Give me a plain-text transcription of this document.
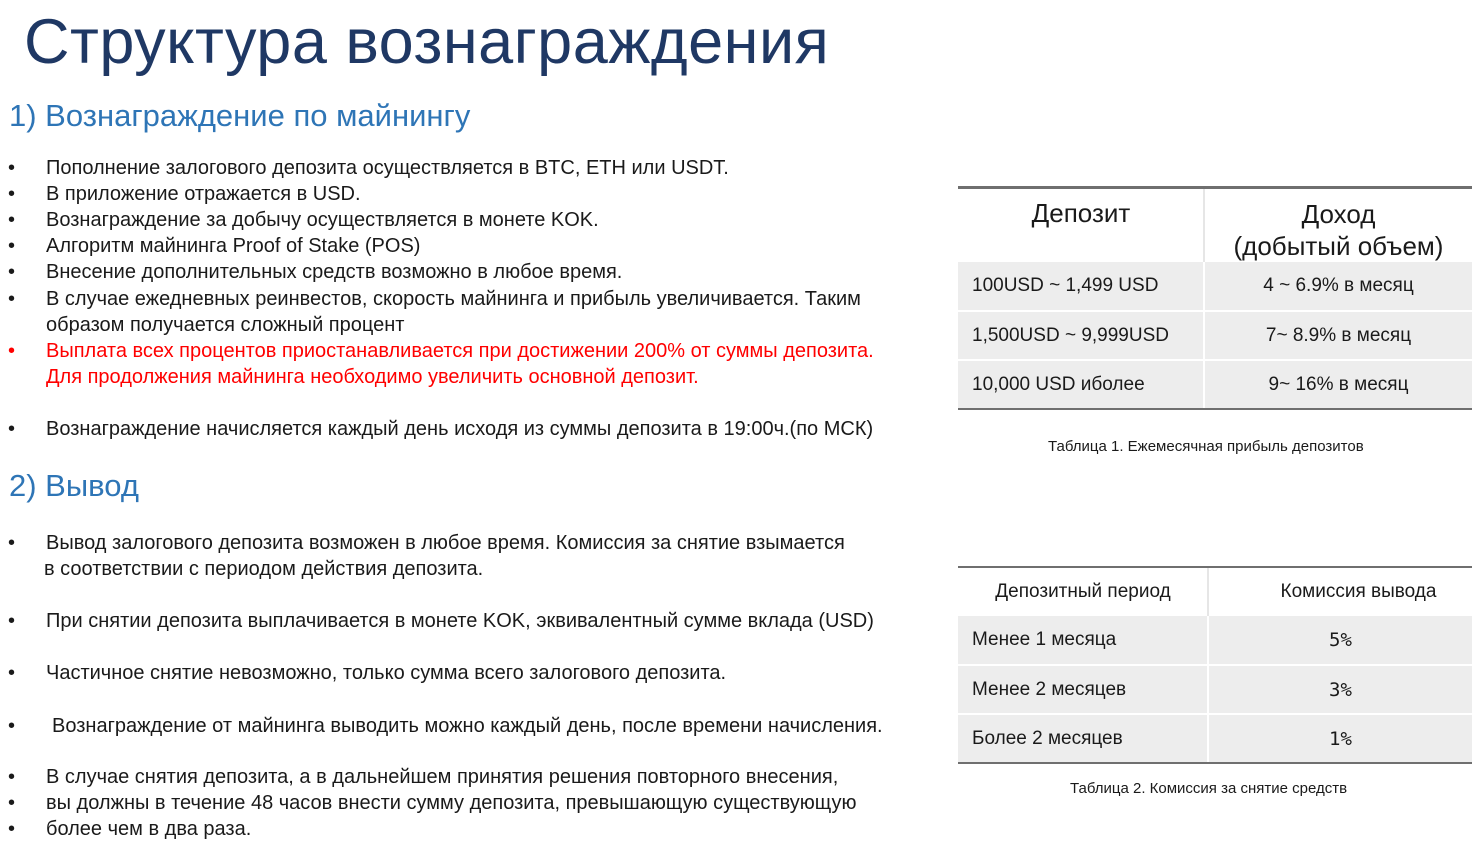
Структура вознаграждения
1) Вознаграждение по майнингу
•	Пополнение залогового депозита осуществляется в BTC, ETH или USDT.
•	В приложение отражается в USD.
•	Вознаграждение за добычу осуществляется в монете KOK.
•	Алгоритм майнинга Proof of Stake (POS)
•	Внесение дополнительных средств возможно в любое время.
•	В случае ежедневных реинвестов, скорость майнинга и прибыль увеличивается. Таким
образом получается сложный процент
•	Выплата всех процентов приостанавливается при достижении 200% от суммы депозита.
Для продолжения майнинга необходимо увеличить основной депозит.
•	Вознаграждение начисляется каждый день исходя из суммы депозита в 19:00ч.(по МСК)
2) Вывод
•	Вывод залогового депозита возможен в любое время. Комиссия за снятие взымается
в соответствии с периодом действия депозита.
•	При снятии депозита выплачивается в монете KOK, эквивалентный сумме вклада (USD)
•	Частичное снятие невозможно, только сумма всего залогового депозита.
•	Вознаграждение от майнинга выводить можно каждый день, после времени начисления.
•	В случае снятия депозита, а в дальнейшем принятия решения повторного внесения,
•	вы должны в течение 48 часов внести сумму депозита, превышающую существующую
•	более чем в два раза.
Депозит	Доход
(добытый объем)
100USD ~ 1,499 USD	4 ~ 6.9% в месяц
1,500USD ~ 9,999USD	7~ 8.9% в месяц
10,000 USD иболее	9~ 16% в месяц
Таблица 1. Ежемесячная прибыль депозитов
Депозитный период	Комиссия вывода
Менее 1 месяца	5%
Менее 2 месяцев	3%
Более 2 месяцев	1%
Таблица 2. Комиссия за снятие средств
